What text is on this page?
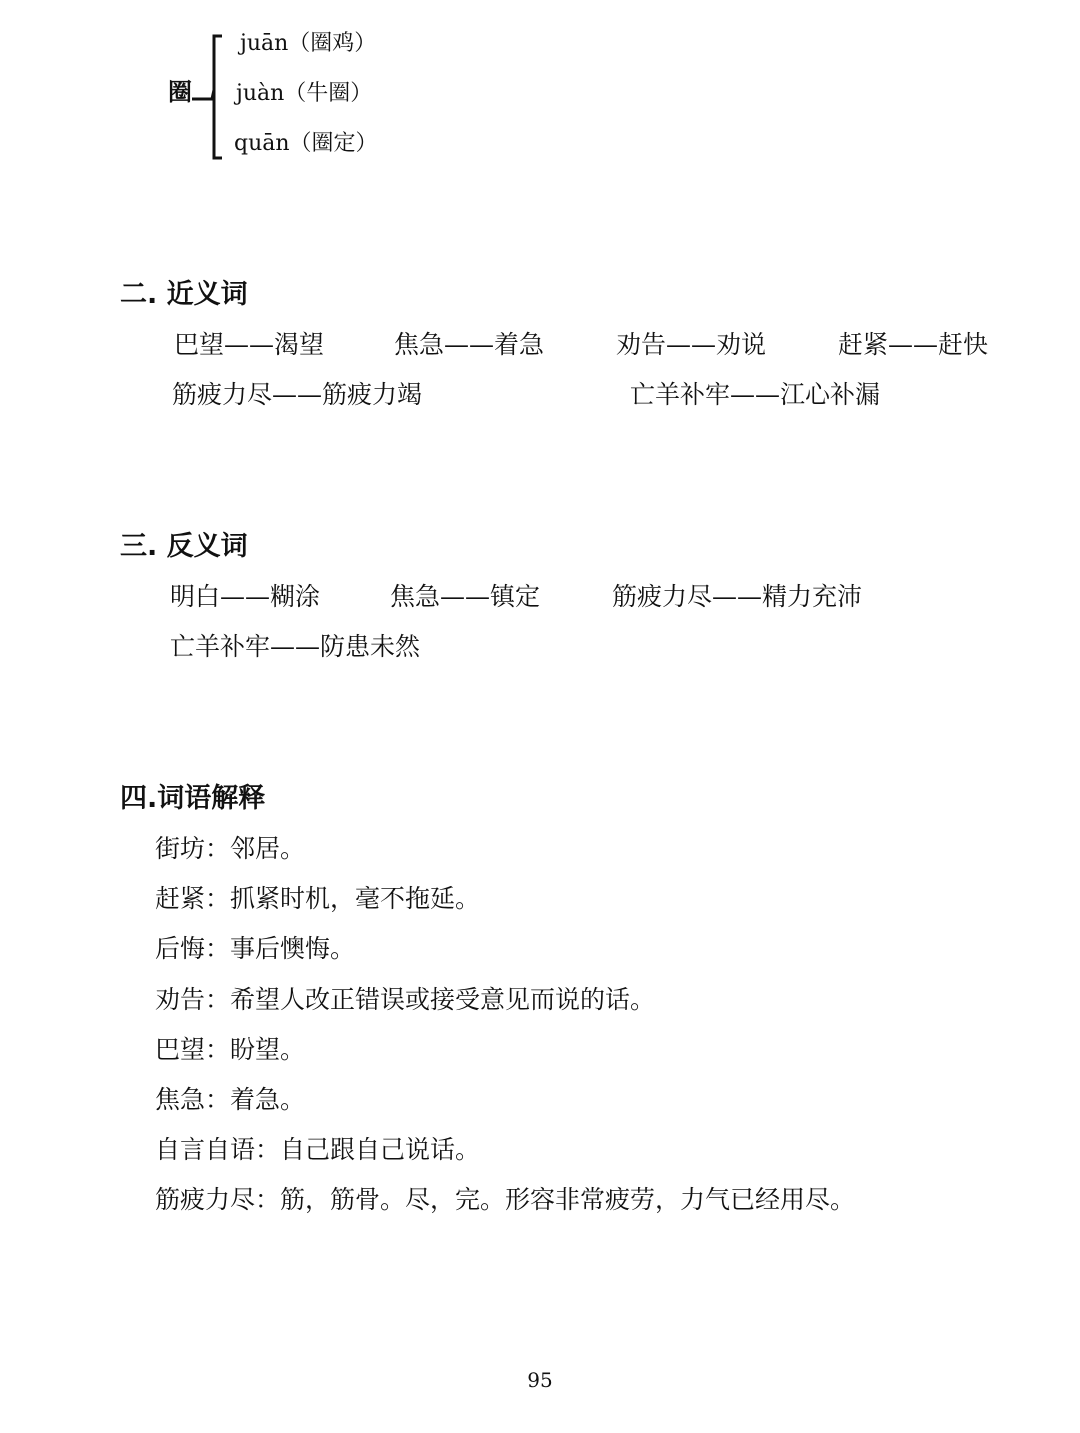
圈
juān（圈鸡）
juàn（牛圈）
quān（圈定）
二. 近义词
巴望——渴望	焦急——着急	劝告——劝说	赶紧——赶快
筋疲力尽——筋疲力竭	亡羊补牢——江心补漏
三. 反义词
明白——糊涂	焦急——镇定	筋疲力尽——精力充沛
亡羊补牢——防患未然
四.词语解释
街坊：邻居。
赶紧：抓紧时机，毫不拖延。
后悔：事后懊悔。
劝告：希望人改正错误或接受意见而说的话。
巴望：盼望。
焦急：着急。
自言自语：自己跟自己说话。
筋疲力尽：筋，筋骨。尽，完。形容非常疲劳，力气已经用尽。
95
